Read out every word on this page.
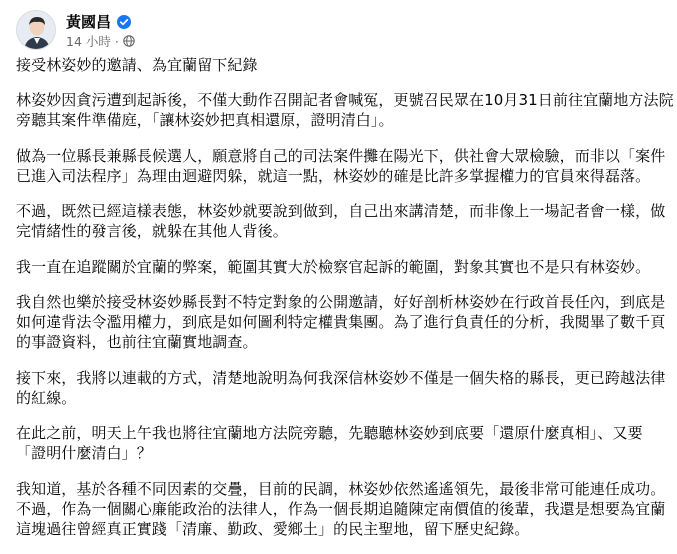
黃國昌
14 小時 ·

接受林姿妙的邀請、為宜蘭留下紀錄

林姿妙因貪污遭到起訴後，不僅大動作召開記者會喊冤，更號召民眾在10月31日前往宜蘭地方法院
旁聽其案件準備庭，「讓林姿妙把真相還原，證明清白」。

做為一位縣長兼縣長候選人，願意將自己的司法案件攤在陽光下，供社會大眾檢驗，而非以「案件
已進入司法程序」為理由迴避閃躲，就這一點，林姿妙的確是比許多掌握權力的官員來得磊落。

不過，既然已經這樣表態，林姿妙就要說到做到，自己出來講清楚，而非像上一場記者會一樣，做
完情緒性的發言後，就躲在其他人背後。

我一直在追蹤關於宜蘭的弊案，範圍其實大於檢察官起訴的範圍，對象其實也不是只有林姿妙。

我自然也樂於接受林姿妙縣長對不特定對象的公開邀請，好好剖析林姿妙在行政首長任內，到底是
如何違背法令濫用權力，到底是如何圖利特定權貴集團。為了進行負責任的分析，我閱畢了數千頁
的事證資料，也前往宜蘭實地調查。

接下來，我將以連載的方式，清楚地說明為何我深信林姿妙不僅是一個失格的縣長，更已跨越法律
的紅線。

在此之前，明天上午我也將往宜蘭地方法院旁聽，先聽聽林姿妙到底要「還原什麼真相」、又要
「證明什麼清白」？

我知道，基於各種不同因素的交疊，目前的民調，林姿妙依然遙遙領先，最後非常可能連任成功。
不過，作為一個關心廉能政治的法律人，作為一個長期追隨陳定南價值的後輩，我還是想要為宜蘭
這塊過往曾經真正實踐「清廉、勤政、愛鄉土」的民主聖地，留下歷史紀錄。
